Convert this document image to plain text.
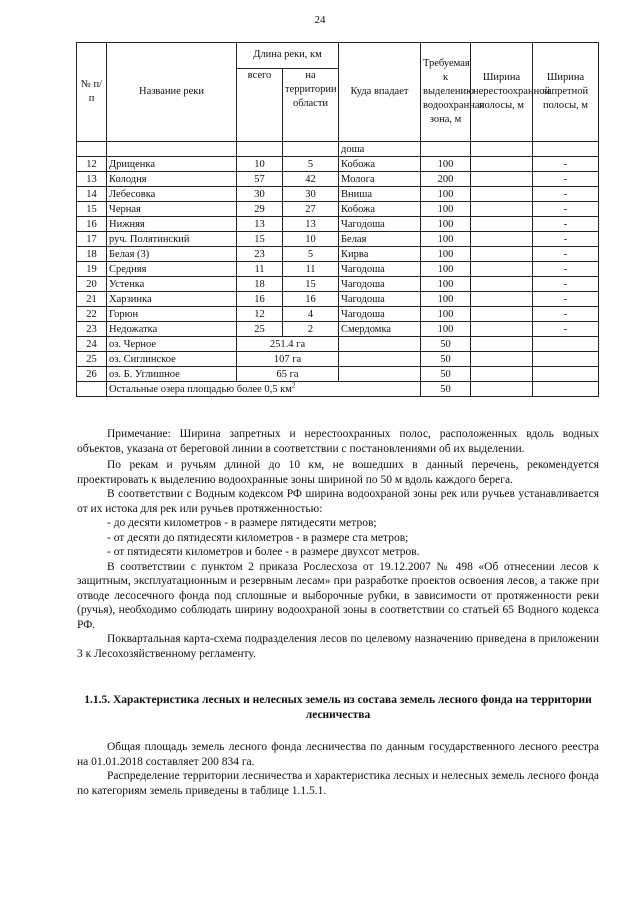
24
№ п/п	Название реки	Длина реки, км		Куда впадает	Требуемая к выделению водоохранная зона, м	Ширина нерестоохранной полосы, м	Ширина запретной полосы, м
		всего	на территории области				
				доша			
12	Дрищенка	10	5	Кобожа	100		-
13	Колодня	57	42	Молога	200		-
14	Лебесовка	30	30	Вниша	100		-
15	Черная	29	27	Кобожа	100		-
16	Нижняя	13	13	Чагодоша	100		-
17	руч. Полятинский	15	10	Белая	100		-
18	Белая (3)	23	5	Кирва	100		-
19	Средняя	11	11	Чагодоша	100		-
20	Устенка	18	15	Чагодоша	100		-
21	Харзинка	16	16	Чагодоша	100		-
22	Горюн	12	4	Чагодоша	100		-
23	Недожатка	25	2	Смердомка	100		-
24	оз. Черное	251.4 га			50		
25	оз. Сиглинское	107 га			50		
26	оз. Б. Углишное	65 га			50		
	Остальные озера площадью более 0,5 $км^2$				50		

Примечание: Ширина запретных и нерестоохранных полос, расположенных вдоль водных объектов, указана от береговой линии в соответствии с постановлениями об их выделении.

По рекам и ручьям длиной до 10 км, не вошедших в данный перечень, рекомендуется проектировать к выделению водоохранные зоны шириной по 50 м вдоль каждого берега.

В соответствии с Водным кодексом РФ ширина водоохраной зоны рек или ручьев устанавливается от их истока для рек или ручьев протяженностью:

- до десяти километров - в размере пятидесяти метров;

- от десяти до пятидесяти километров - в размере ста метров;

- от пятидесяти километров и более - в размере двухсот метров.

В соответствии с пунктом 2 приказа Рослесхоза от 19.12.2007 № 498 «Об отнесении лесов к защитным, эксплуатационным и резервным лесам» при разработке проектов освоения лесов, а также при отводе лесосечного фонда под сплошные и выборочные рубки, в зависимости от протяженности реки (ручья), необходимо соблюдать ширину водоохраной зоны в соответствии со статьей 65 Водного кодекса РФ.

Поквартальная карта-схема подразделения лесов по целевому назначению приведена в приложении 3 к Лесохозяйственному регламенту.

1.1.5. Характеристика лесных и нелесных земель из состава земель лесного фонда на территории лесничества

Общая площадь земель лесного фонда лесничества по данным государственного лесного реестра на 01.01.2018 составляет 200 834 га.

Распределение территории лесничества и характеристика лесных и нелесных земель лесного фонда по категориям земель приведены в таблице 1.1.5.1.
